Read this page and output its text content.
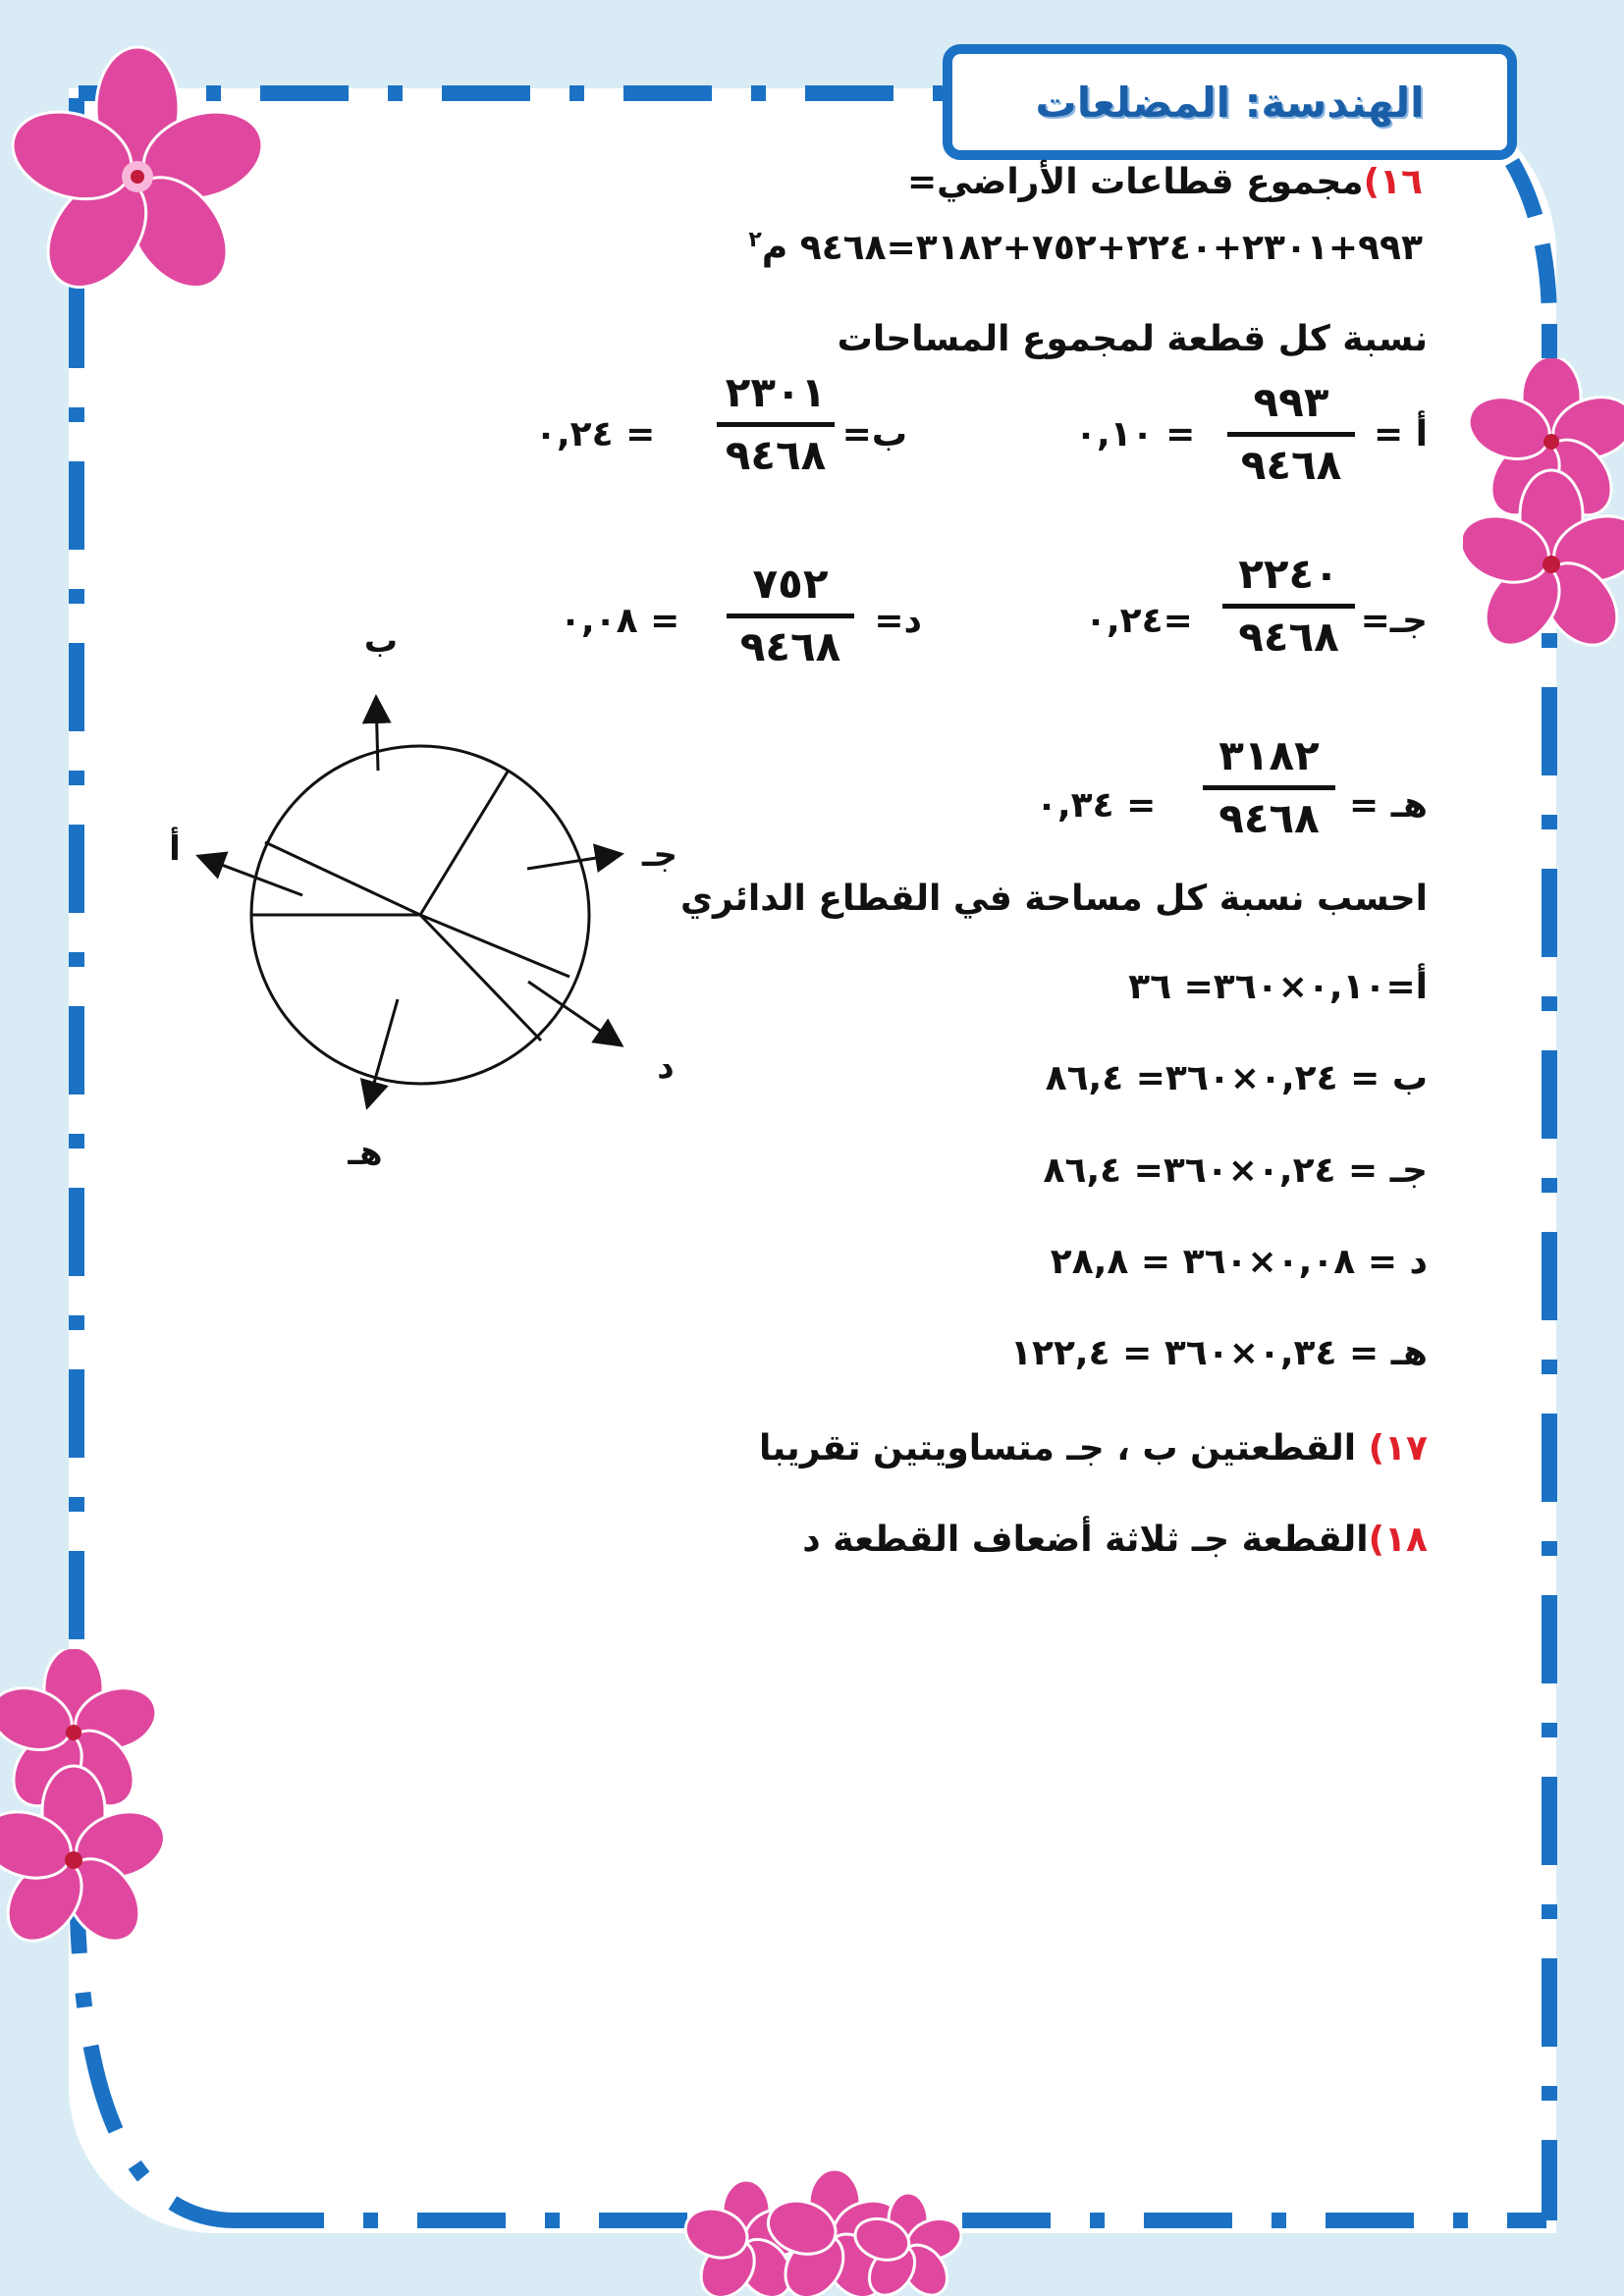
الهندسة: المضلعات
١٦)مجموع قطاعات الأراضي=
٩٩٣+٢٣٠١+٢٢٤٠+٧٥٢+٣١٨٢=٩٤٦٨ م$^٢$
نسبة كل قطعة لمجموع المساحات
أ =
٩٩٣
٩٤٦٨
= ٠,١٠
ب=
٢٣٠١
٩٤٦٨
= ٠,٢٤
جـ=
٢٢٤٠
٩٤٦٨
=٠,٢٤
د=
٧٥٢
٩٤٦٨
= ٠,٠٨
هـ =
٣١٨٢
٩٤٦٨
= ٠,٣٤
احسب نسبة كل مساحة في القطاع الدائري
أ=٠,١٠×٣٦٠= ٣٦
ب = ٠,٢٤×٣٦٠= ٨٦,٤
جـ = ٠,٢٤×٣٦٠= ٨٦,٤
د = ٠,٠٨×٣٦٠ = ٢٨,٨
هـ = ٠,٣٤×٣٦٠ = ١٢٢,٤
١٧) القطعتين ب ، جـ متساويتين تقريبا
١٨)القطعة جـ ثلاثة أضعاف القطعة د
ب
أ	جـ
د
هـ
